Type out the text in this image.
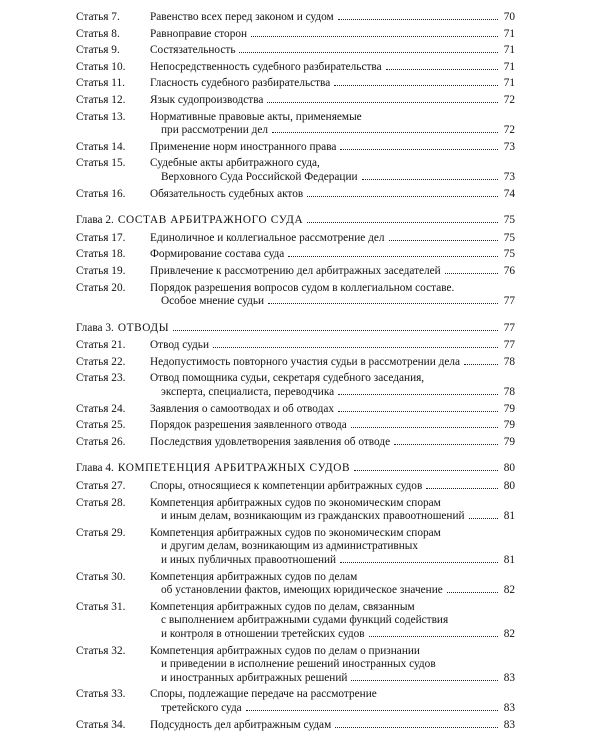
Статья 7.	Равенство всех перед законом и судом	70
Статья 8.	Равноправие сторон	71
Статья 9.	Состязательность	71
Статья 10.	Непосредственность судебного разбирательства	71
Статья 11.	Гласность судебного разбирательства	71
Статья 12.	Язык судопроизводства	72
Статья 13.	Нормативные правовые акты, применяемые
при рассмотрении дел	72
Статья 14.	Применение норм иностранного права	73
Статья 15.	Судебные акты арбитражного суда,
Верховного Суда Российской Федерации	73
Статья 16.	Обязательность судебных актов	74
Глава 2. СОСТАВ АРБИТРАЖНОГО СУДА	75
Статья 17.	Единоличное и коллегиальное рассмотрение дел	75
Статья 18.	Формирование состава суда	75
Статья 19.	Привлечение к рассмотрению дел арбитражных заседателей	76
Статья 20.	Порядок разрешения вопросов судом в коллегиальном составе.
Особое мнение судьи	77
Глава 3. ОТВОДЫ	77
Статья 21.	Отвод судьи	77
Статья 22.	Недопустимость повторного участия судьи в рассмотрении дела	78
Статья 23.	Отвод помощника судьи, секретаря судебного заседания,
эксперта, специалиста, переводчика	78
Статья 24.	Заявления о самоотводах и об отводах	79
Статья 25.	Порядок разрешения заявленного отвода	79
Статья 26.	Последствия удовлетворения заявления об отводе	79
Глава 4. КОМПЕТЕНЦИЯ АРБИТРАЖНЫХ СУДОВ	80
Статья 27.	Споры, относящиеся к компетенции арбитражных судов	80
Статья 28.	Компетенция арбитражных судов по экономическим спорам
и иным делам, возникающим из гражданских правоотношений	81
Статья 29.	Компетенция арбитражных судов по экономическим спорам
и другим делам, возникающим из административных
и иных публичных правоотношений	81
Статья 30.	Компетенция арбитражных судов по делам
об установлении фактов, имеющих юридическое значение	82
Статья 31.	Компетенция арбитражных судов по делам, связанным
с выполнением арбитражными судами функций содействия
и контроля в отношении третейских судов	82
Статья 32.	Компетенция арбитражных судов по делам о признании
и приведении в исполнение решений иностранных судов
и иностранных арбитражных решений	83
Статья 33.	Споры, подлежащие передаче на рассмотрение
третейского суда	83
Статья 34.	Подсудность дел арбитражным судам	83
